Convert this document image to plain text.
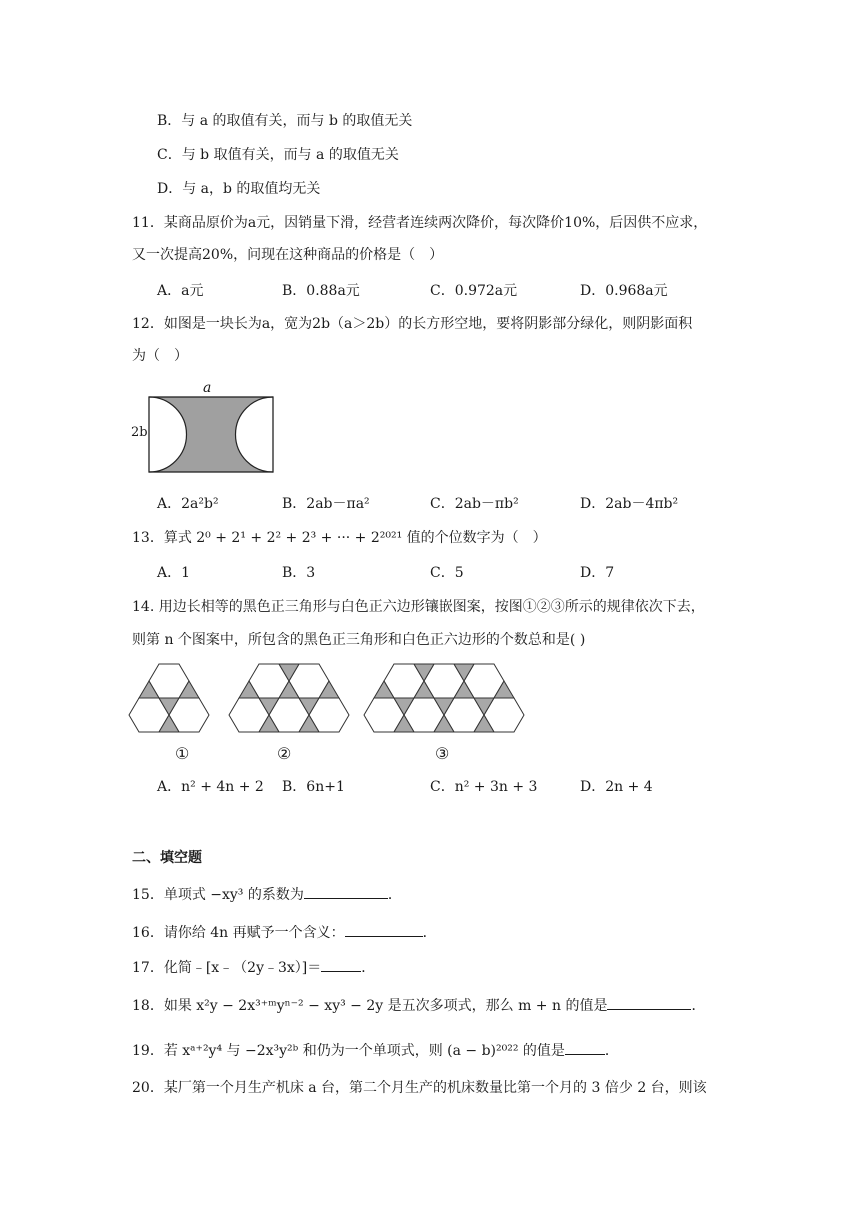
B．与 a 的取值有关，而与 b 的取值无关
C．与 b 取值有关，而与 a 的取值无关
D．与 a，b 的取值均无关
11．某商品原价为a元，因销量下滑，经营者连续两次降价，每次降价10%，后因供不应求，
又一次提高20%，问现在这种商品的价格是（　）
A．a元	B．0.88a元	C．0.972a元	D．0.968a元
12．如图是一块长为a，宽为2b（a＞2b）的长方形空地，要将阴影部分绿化，则阴影面积
为（　）
a
2b
A．2a²b²	B．2ab－πa²	C．2ab－πb²	D．2ab－4πb²
13．算式 2⁰ + 2¹ + 2² + 2³ + ··· + 2²⁰²¹ 值的个位数字为（　）
A．1	B．3	C．5	D．7
14. 用边长相等的黑色正三角形与白色正六边形镶嵌图案，按图①②③所示的规律依次下去，
则第 n 个图案中，所包含的黑色正三角形和白色正六边形的个数总和是( )
①	②	③
A．n² + 4n + 2 B．6n+1	C．n² + 3n + 3	D．2n + 4
二、填空题
15．单项式 −xy³ 的系数为	．
16．请你给 4n 再赋予一个含义：	．
17．化简﹣[x﹣（2y﹣3x）]＝	．
18．如果 x²y − 2x³⁺ᵐyⁿ⁻² − xy³ − 2y 是五次多项式，那么 m + n 的值是	．
19．若 xᵃ⁺²y⁴ 与 −2x³y²ᵇ 和仍为一个单项式，则 (a − b)²⁰²² 的值是	．
20．某厂第一个月生产机床 a 台，第二个月生产的机床数量比第一个月的 3 倍少 2 台，则该
